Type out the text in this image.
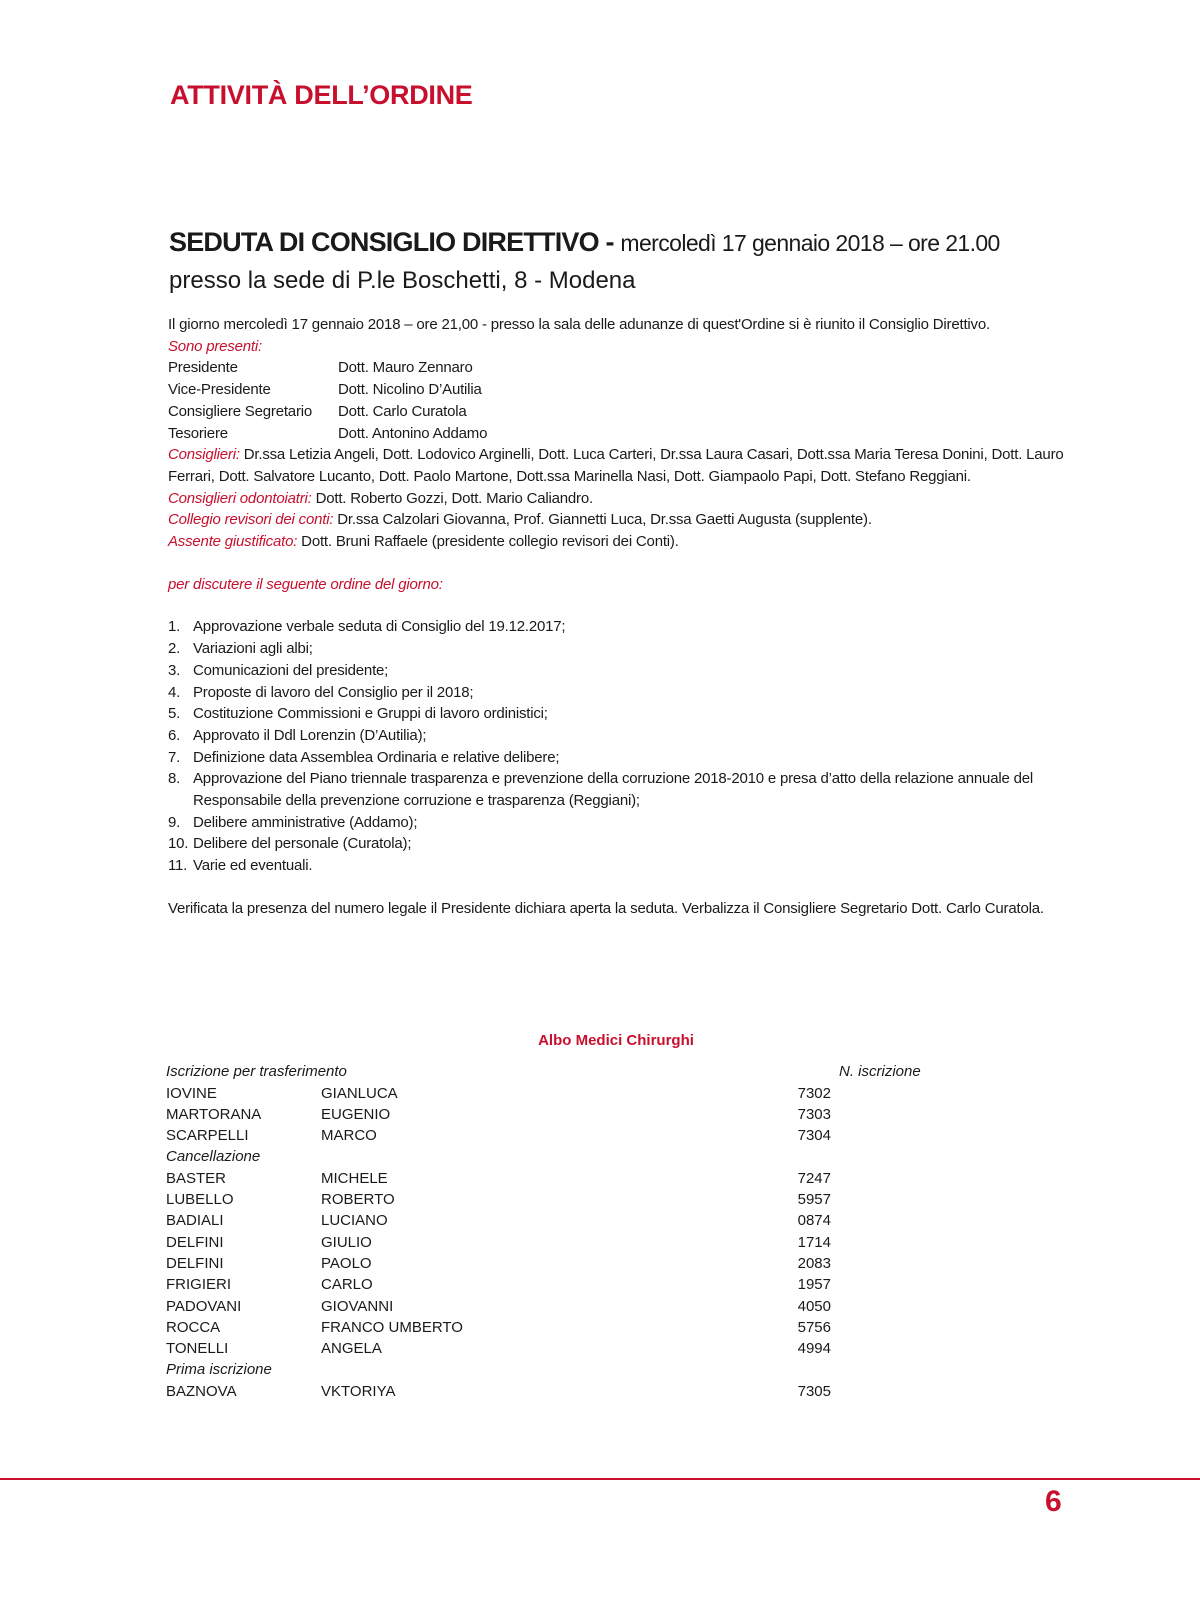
ATTIVITÀ DELL’ORDINE
SEDUTA DI CONSIGLIO DIRETTIVO - mercoledì 17 gennaio 2018 – ore 21.00
presso la sede di P.le Boschetti, 8 - Modena

Il giorno mercoledì 17 gennaio 2018 – ore 21,00 - presso la sala delle adunanze di quest'Ordine si è riunito il Consiglio Direttivo.

Sono presenti:

Presidente	Dott. Mauro Zennaro
Vice-Presidente	Dott. Nicolino D’Autilia
Consigliere Segretario	Dott. Carlo Curatola
Tesoriere	Dott. Antonino Addamo

Consiglieri: Dr.ssa Letizia Angeli, Dott. Lodovico Arginelli, Dott. Luca Carteri, Dr.ssa Laura Casari, Dott.ssa Maria Teresa Donini, Dott. Lauro Ferrari, Dott. Salvatore Lucanto, Dott. Paolo Martone, Dott.ssa Marinella Nasi, Dott. Giampaolo Papi, Dott. Stefano Reggiani.

Consiglieri odontoiatri: Dott. Roberto Gozzi, Dott. Mario Caliandro.

Collegio revisori dei conti: Dr.ssa Calzolari Giovanna, Prof. Giannetti Luca, Dr.ssa Gaetti Augusta (supplente).

Assente giustificato: Dott. Bruni Raffaele (presidente collegio revisori dei Conti).

per discutere il seguente ordine del giorno:

1. Approvazione verbale seduta di Consiglio del 19.12.2017;
2. Variazioni agli albi;
3. Comunicazioni del presidente;
4. Proposte di lavoro del Consiglio per il 2018;
5. Costituzione Commissioni e Gruppi di lavoro ordinistici;
6. Approvato il Ddl Lorenzin (D’Autilia);
7. Definizione data Assemblea Ordinaria e relative delibere;
8. Approvazione del Piano triennale trasparenza e prevenzione della corruzione 2018-2010 e presa d’atto della relazione annuale del Responsabile della prevenzione corruzione e trasparenza (Reggiani);
9. Delibere amministrative (Addamo);
10. Delibere del personale (Curatola);
11. Varie ed eventuali.

Verificata la presenza del numero legale il Presidente dichiara aperta la seduta. Verbalizza il Consigliere Segretario Dott. Carlo Curatola.

Albo Medici Chirurghi
Iscrizione per trasferimento	N. iscrizione
IOVINE	GIANLUCA	7302
MARTORANA	EUGENIO	7303
SCARPELLI	MARCO	7304
Cancellazione
BASTER	MICHELE	7247
LUBELLO	ROBERTO	5957
BADIALI	LUCIANO	0874
DELFINI	GIULIO	1714
DELFINI	PAOLO	2083
FRIGIERI	CARLO	1957
PADOVANI	GIOVANNI	4050
ROCCA	FRANCO UMBERTO	5756
TONELLI	ANGELA	4994
Prima iscrizione
BAZNOVA	VKTORIYA	7305
6
